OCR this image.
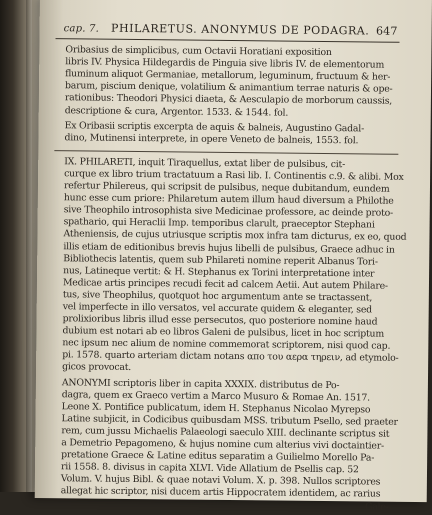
cap. 7.	PHILARETUS. ANONYMUS DE PODAGRA. 647

Oribasius de simplicibus, cum Octavii Horatiani exposition
libris IV. Physica Hildegardis de Pinguia sive libris IV. de elementorum
fluminum aliquot Germaniae, metallorum, leguminum, fructuum & her-
barum, piscium denique, volatilium & animantium terrae naturis & ope-
rationibus: Theodori Physici diaeta, & Aesculapio de morborum caussis,
descriptione & cura, Argentor. 1533. & 1544. fol.

Ex Oribasii scriptis excerpta de aquis & balneis, Augustino Gadal-
dino, Mutinensi interprete, in opere Veneto de balneis, 1553. fol.

IX. PHILARETI, inquit Tiraquellus, extat liber de pulsibus, cit-
curque ex libro trium tractatuum a Rasi lib. I. Continentis c.9. & alibi. Mox
refertur Philereus, qui scripsit de pulsibus, neque dubitandum, eundem
hunc esse cum priore: Philaretum autem illum haud diversum a Philothe
sive Theophilo introsophista sive Medicinae professore, ac deinde proto-
spathario, qui Heraclii Imp. temporibus clarult, praeceptor Stephani
Atheniensis, de cujus utriusque scriptis mox infra tam dicturus, ex eo, quod
illis etiam de editionibus brevis hujus libelli de pulsibus, Graece adhuc in
Bibliothecis latentis, quem sub Philareti nomine reperit Albanus Tori-
nus, Latineque vertit: & H. Stephanus ex Torini interpretatione inter
Medicae artis principes recudi fecit ad calcem Aetii. Aut autem Philare-
tus, sive Theophilus, quotquot hoc argumentum ante se tractassent,
vel imperfecte in illo versatos, vel accurate quidem & eleganter, sed
prolixioribus libris illud esse persecutos, quo posteriore nomine haud
dubium est notari ab eo libros Galeni de pulsibus, licet in hoc scriptum
nec ipsum nec alium de nomine commemorat scriptorem, nisi quod cap.
pi. 1578. quarto arteriam dictam notans απο του αερα τηρειν, ad etymolo-
gicos provocat.

ANONYMI scriptoris liber in capita XXXIX. distributus de Po-
dagra, quem ex Graeco vertim a Marco Musuro & Romae An. 1517.
Leone X. Pontifice publicatum, idem H. Stephanus Nicolao Myrepso
Latine subjicit, in Codicibus quibusdam MSS. tributum Psello, sed praeter
rem, cum jussu Michaelis Palaeologi saeculo XIII. declinante scriptus sit
a Demetrio Pepagomeno, & hujus nomine cum alterius vivi doctaintier-
pretatione Graece & Latine editus separatim a Guilielmo Morello Pa-
rii 1558. 8. divisus in capita XLVI. Vide Allatium de Psellis cap. 52
Volum. V. hujus Bibl. & quae notavi Volum. X. p. 398. Nullos scriptores
allegat hic scriptor, nisi ducem artis Hippocratem identidem, ac rarius

Gale-
